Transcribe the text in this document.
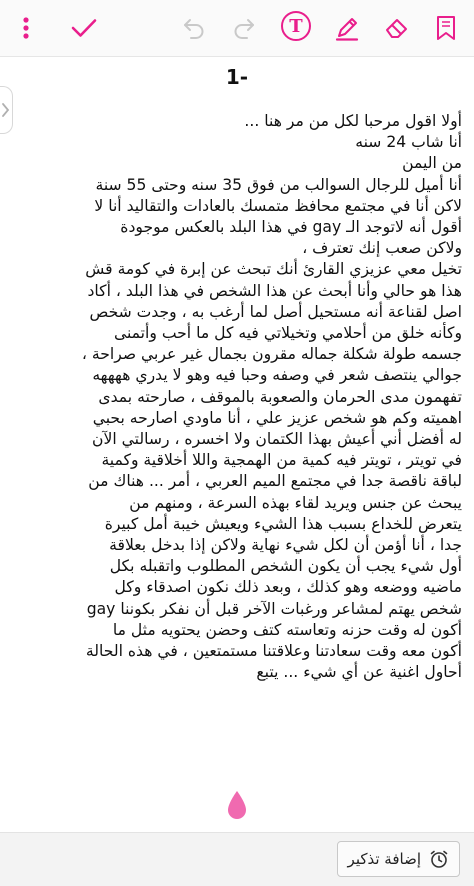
T
1-
أولا اقول مرحبا لكل من مر هنا ...
أنا شاب 24 سنه
من اليمن
أنا أميل للرجال السوالب من فوق 35 سنه وحتى 55 سنة
لاكن أنا في مجتمع محافظ متمسك بالعادات والتقاليد أنا لا
أقول أنه لاتوجد الـ gay في هذا البلد بالعكس موجودة
ولاكن صعب إنك تعترف ،
تخيل معي عزيزي القارئ أنك تبحث عن إبرة في كومة قش
هذا هو حالي وأنا أبحث عن هذا الشخص في هذا البلد ، أكاد
اصل لقناعة أنه مستحيل أصل لما أرغب به ، وجدت شخص
وكأنه خلق من أحلامي وتخيلاتي فيه كل ما أحب وأتمنى
جسمه طولة شكلة جماله مقرون بجمال غير عربي صراحة ،
جوالي ينتصف شعر في وصفه وحبا فيه وهو لا يدري ههههه
تفهمون مدى الحرمان والصعوبة بالموقف ، صارحته بمدى
اهميته وكم هو شخص عزيز علي ، أنا ماودي اصارحه بحبي
له أفضل أني أعيش بهذا الكتمان ولا اخسره ، رسالتي الآن
في تويتر ، تويتر فيه كمية من الهمجية واللا أخلاقية وكمية
لباقة ناقصة جدا في مجتمع الميم العربي ، أمر ... هناك من
يبحث عن جنس ويريد لقاء بهذه السرعة ، ومنهم من
يتعرض للخداع بسبب هذا الشيء ويعيش خيبة أمل كبيرة
جدا ، أنا أؤمن أن لكل شيء نهاية ولاكن إذا بدخل بعلاقة
أول شيء يجب أن يكون الشخص المطلوب واتقبله بكل
ماضيه ووضعه وهو كذلك ، وبعد ذلك نكون اصدقاء وكل
شخص يهتم لمشاعر ورغبات الآخر قبل أن نفكر بكوننا gay
أكون له وقت حزنه وتعاسته كتف وحضن يحتويه مثل ما
أكون معه وقت سعادتنا وعلاقتنا مستمتعين ، في هذه الحالة
أحاول اغنية عن أي شيء ... يتبع
إضافة تذكير
